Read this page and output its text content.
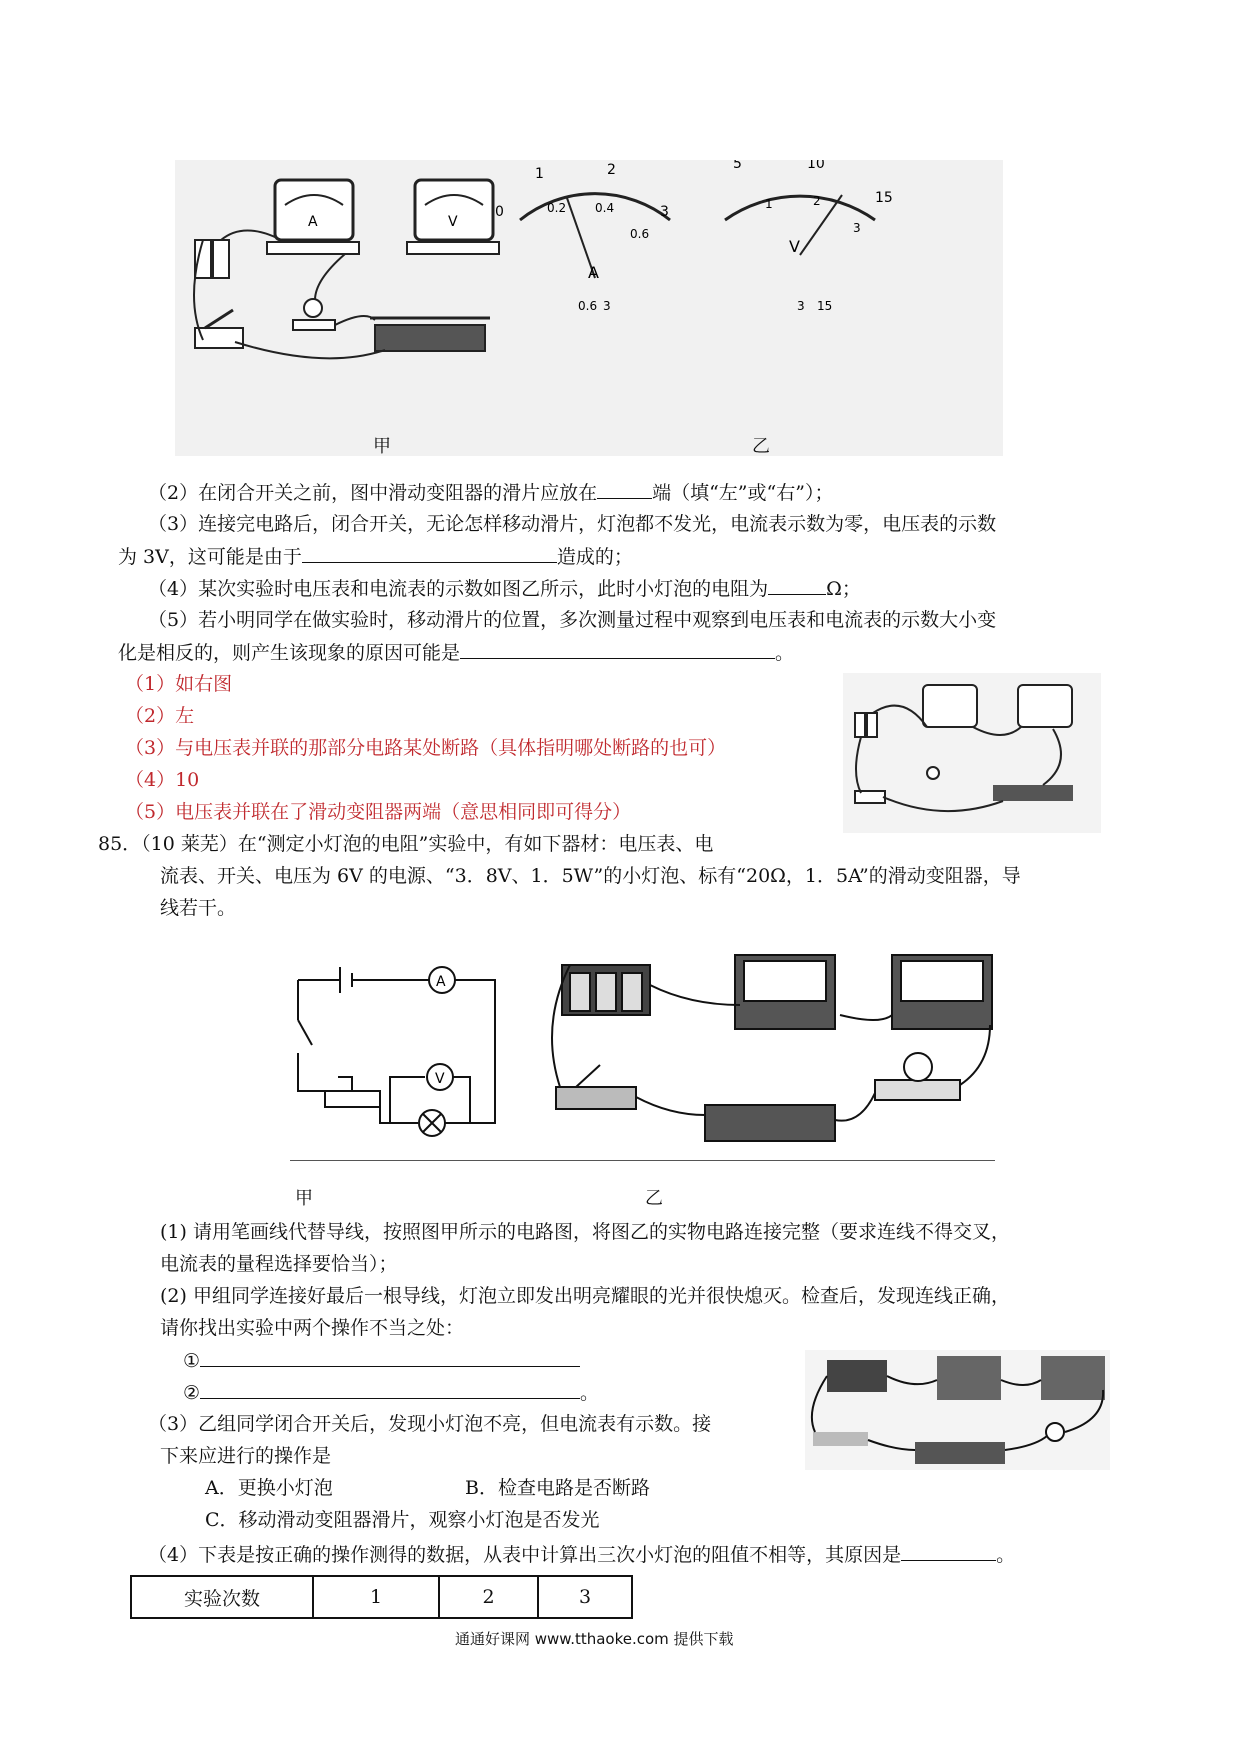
A	V
1	2
3
0	0.2 0.4
0.6
A
0.6 3
5	10
15
1	2
3
V
3 15
甲	乙
（2）在闭合开关之前，图中滑动变阻器的滑片应放在	端（填“左”或“右”）；
（3）连接完电路后，闭合开关，无论怎样移动滑片，灯泡都不发光，电流表示数为零，电压表的示数
为 3V，这可能是由于	造成的；
（4）某次实验时电压表和电流表的示数如图乙所示，此时小灯泡的电阻为	Ω；
（5）若小明同学在做实验时，移动滑片的位置，多次测量过程中观察到电压表和电流表的示数大小变
化是相反的，则产生该现象的原因可能是	。
（1）如右图
（2）左
（3）与电压表并联的那部分电路某处断路（具体指明哪处断路的也可）
（4）10
（5）电压表并联在了滑动变阻器两端（意思相同即可得分）
85．（10 莱芜）在“测定小灯泡的电阻”实验中，有如下器材：电压表、电
流表、开关、电压为 6V 的电源、“3．8V、1．5W”的小灯泡、标有“20Ω，1．5A”的滑动变阻器，导
线若干。
A
V
甲	乙
(1) 请用笔画线代替导线，按照图甲所示的电路图，将图乙的实物电路连接完整（要求连线不得交叉，
电流表的量程选择要恰当）；
(2) 甲组同学连接好最后一根导线，灯泡立即发出明亮耀眼的光并很快熄灭。检查后，发现连线正确，
请你找出实验中两个操作不当之处：
①
②	。
（3）乙组同学闭合开关后，发现小灯泡不亮，但电流表有示数。接
下来应进行的操作是
A．更换小灯泡	B．检查电路是否断路
C．移动滑动变阻器滑片，观察小灯泡是否发光
（4）下表是按正确的操作测得的数据，从表中计算出三次小灯泡的阻值不相等，其原因是	。
实验次数	1	2	3
通通好课网 www.tthaoke.com 提供下载
